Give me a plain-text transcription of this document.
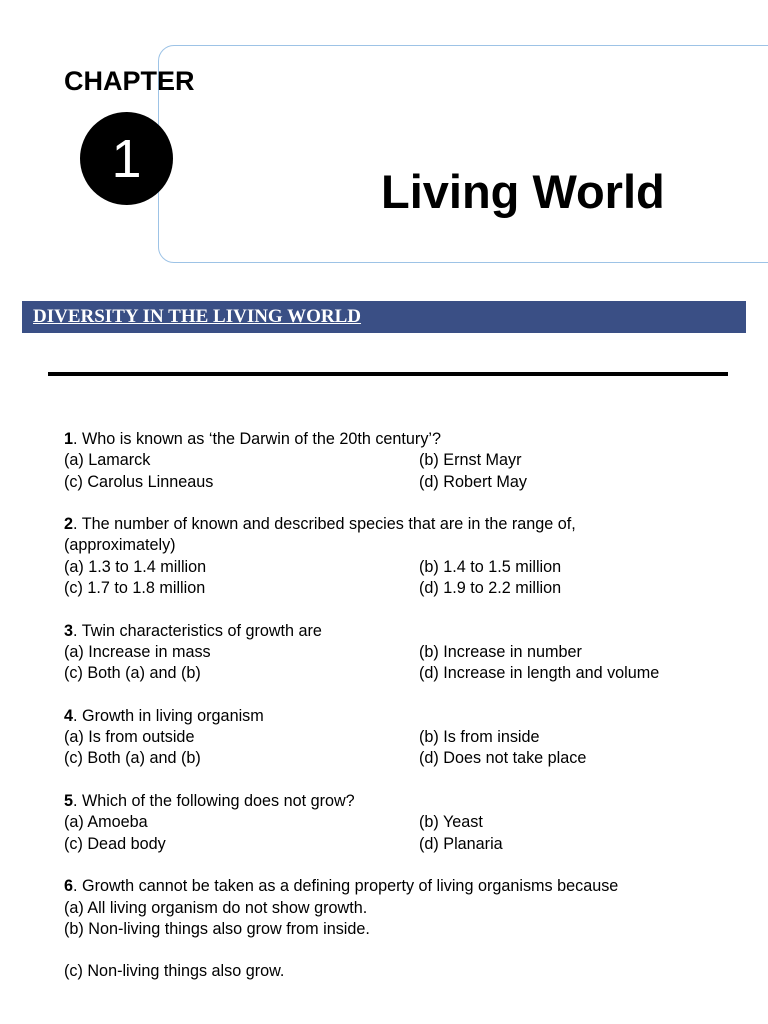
CHAPTER
1
Living World
DIVERSITY IN THE LIVING WORLD
1. Who is known as ‘the Darwin of the 20th century’?
(a) Lamarck	(b) Ernst Mayr
(c) Carolus Linneaus	(d) Robert May
2. The number of known and described species that are in the range of,
(approximately)
(a) 1.3 to 1.4 million	(b) 1.4 to 1.5 million
(c) 1.7 to 1.8 million	(d) 1.9 to 2.2 million
3. Twin characteristics of growth are
(a) Increase in mass	(b) Increase in number
(c) Both (a) and (b)	(d) Increase in length and volume
4. Growth in living organism
(a) Is from outside	(b) Is from inside
(c) Both (a) and (b)	(d) Does not take place
5. Which of the following does not grow?
(a) Amoeba	(b) Yeast
(c) Dead body	(d) Planaria
6. Growth cannot be taken as a defining property of living organisms because
(a) All living organism do not show growth.
(b) Non-living things also grow from inside.
(c) Non-living things also grow.
